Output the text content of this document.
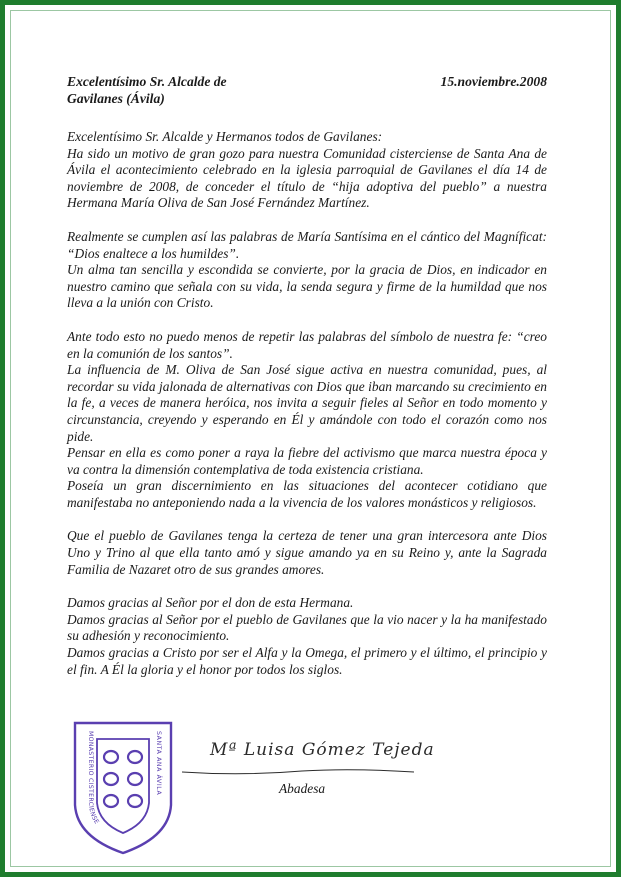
Excelentísimo Sr. Alcalde de
Gavilanes (Ávila)
15.noviembre.2008
Excelentísimo Sr. Alcalde y Hermanos todos de Gavilanes:
Ha sido un motivo de gran gozo para nuestra Comunidad cisterciense de Santa Ana de Ávila el acontecimiento celebrado en la iglesia parroquial de Gavilanes el día 14 de noviembre de 2008, de conceder el título de “hija adoptiva del pueblo” a nuestra Hermana María Oliva de San José Fernández Martínez.
Realmente se cumplen así las palabras de María Santísima en el cántico del Magníficat: “Dios enaltece a los humildes”.
Un alma tan sencilla y escondida se convierte, por la gracia de Dios, en indicador en nuestro camino que señala con su vida, la senda segura y firme de la humildad que nos lleva a la unión con Cristo.
Ante todo esto no puedo menos de repetir las palabras del símbolo de nuestra fe: “creo en la comunión de los santos”.
La influencia de M. Oliva de San José sigue activa en nuestra comunidad, pues, al recordar su vida jalonada de alternativas con Dios que iban marcando su crecimiento en la fe, a veces de manera heróica, nos invita a seguir fieles al Señor en todo momento y circunstancia, creyendo y esperando en Él y amándole con todo el corazón como nos pide.
Pensar en ella es como poner a raya la fiebre del activismo que marca nuestra época y va contra la dimensión contemplativa de toda existencia cristiana.
Poseía un gran discernimiento en las situaciones del acontecer cotidiano que manifestaba no anteponiendo nada a la vivencia de los valores monásticos y religiosos.
Que el pueblo de Gavilanes tenga la certeza de tener una gran intercesora ante Dios Uno y Trino al que ella tanto amó y sigue amando ya en su Reino y, ante la Sagrada Familia de Nazaret otro de sus grandes amores.
Damos gracias al Señor por el don de esta Hermana.
Damos gracias al Señor por el pueblo de Gavilanes que la vio nacer y la ha manifestado su adhesión y reconocimiento.
Damos gracias a Cristo por ser el Alfa y la Omega, el primero y el último, el principio y el fin. A Él la gloria y el honor por todos los siglos.
SANTA ANA ÁVILA
MONASTERIO CISTERCIENSE
Mª Luisa Gómez Tejeda
Abadesa
